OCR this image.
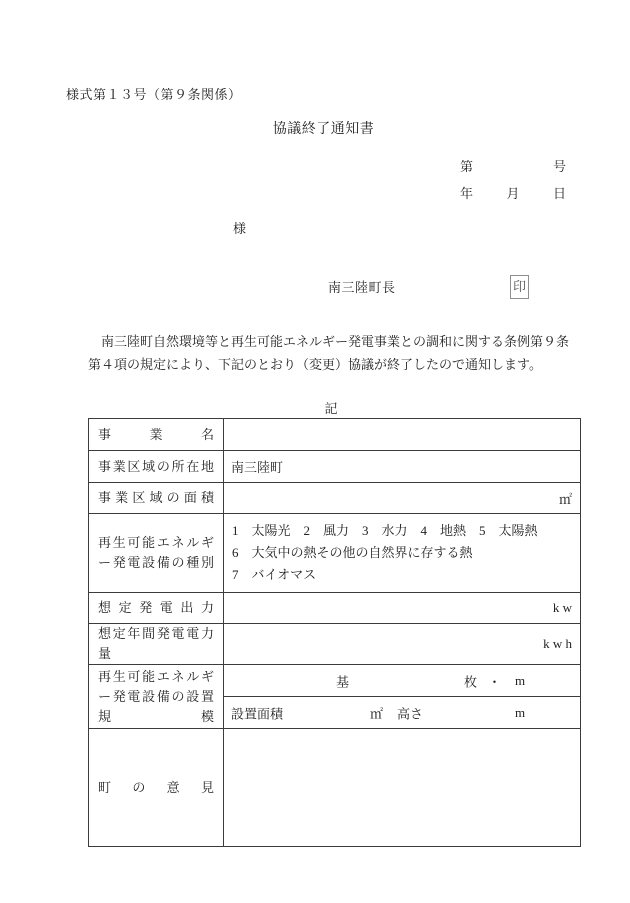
様式第１３号（第９条関係）
協議終了通知書
第	号
年	月	日
様
南三陸町長	印
　南三陸町自然環境等と再生可能エネルギー発電事業との調和に関する条例第９条
第４項の規定により、下記のとおり（変更）協議が終了したので通知します。
記
事業名	
事業区域の所在地	南三陸町
事業区域の面積	㎡
再生可能エネルギー発電設備の種別	1　太陽光　2　風力　3　水力　4　地熱　5　太陽熱
6　大気中の熱その他の自然界に存する熱
7　バイオマス

想定発電出力	k w
想定年間発電電力量	k w h
再生可能エネルギー発電設備の設置規模	基 枚 ・ m

	設置面積 ㎡ 高さ m

町の意見	
